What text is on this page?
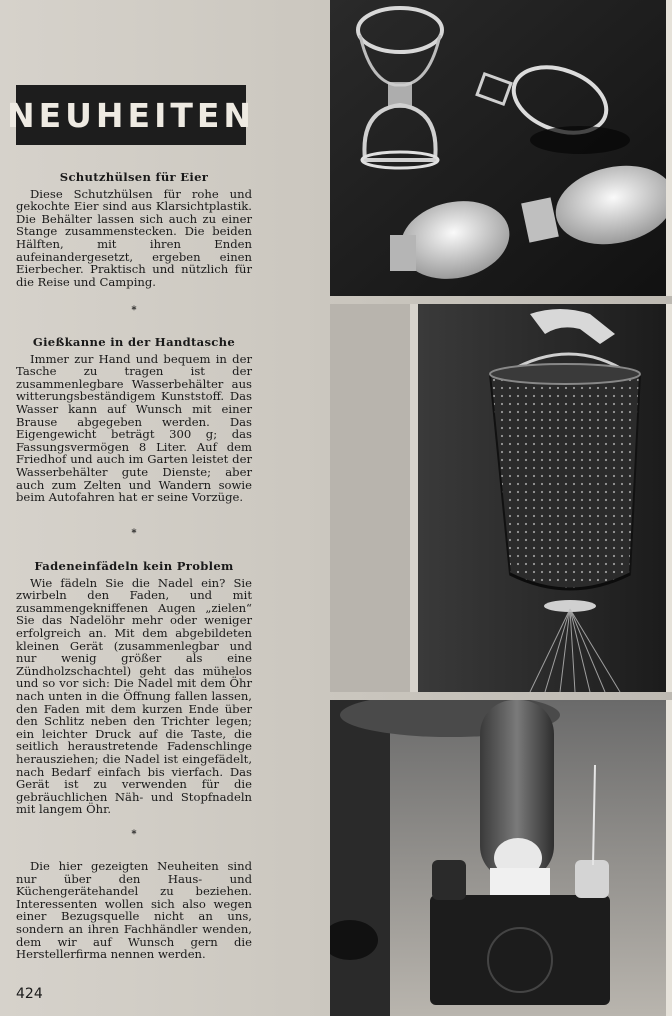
NEUHEITEN
Schutzhülsen für Eier

Diese Schutzhülsen für rohe und gekochte Eier sind aus Klarsichtplastik. Die Behälter lassen sich auch zu einer Stange zusammenstecken. Die beiden Hälften, mit ihren Enden aufeinandergesetzt, ergeben einen Eierbecher. Praktisch und nützlich für die Reise und Camping.

*
Gießkanne in der Handtasche

Immer zur Hand und bequem in der Tasche zu tragen ist der zusammenlegbare Wasserbehälter aus witterungsbeständigem Kunststoff. Das Wasser kann auf Wunsch mit einer Brause abgegeben werden. Das Eigengewicht beträgt 300 g; das Fassungsvermögen 8 Liter. Auf dem Friedhof und auch im Garten leistet der Wasserbehälter gute Dienste; aber auch zum Zelten und Wandern sowie beim Autofahren hat er seine Vorzüge.

*
Fadeneinfädeln kein Problem

Wie fädeln Sie die Nadel ein? Sie zwirbeln den Faden, und mit zusammengekniffenen Augen „zielen“ Sie das Nadelöhr mehr oder weniger erfolgreich an. Mit dem abgebildeten kleinen Gerät (zusammenlegbar und nur wenig größer als eine Zündholzschachtel) geht das mühelos und so vor sich: Die Nadel mit dem Öhr nach unten in die Öffnung fallen lassen, den Faden mit dem kurzen Ende über den Schlitz neben den Trichter legen; ein leichter Druck auf die Taste, die seitlich heraustretende Fadenschlinge herausziehen; die Nadel ist eingefädelt, nach Bedarf einfach bis vierfach. Das Gerät ist zu verwenden für die gebräuchlichen Näh- und Stopfnadeln mit langem Öhr.

*

Die hier gezeigten Neuheiten sind nur über den Haus- und Küchengerätehandel zu beziehen. Interessenten wollen sich also wegen einer Bezugsquelle nicht an uns, sondern an ihren Fachhändler wenden, dem wir auf Wunsch gern die Herstellerfirma nennen werden.

424
